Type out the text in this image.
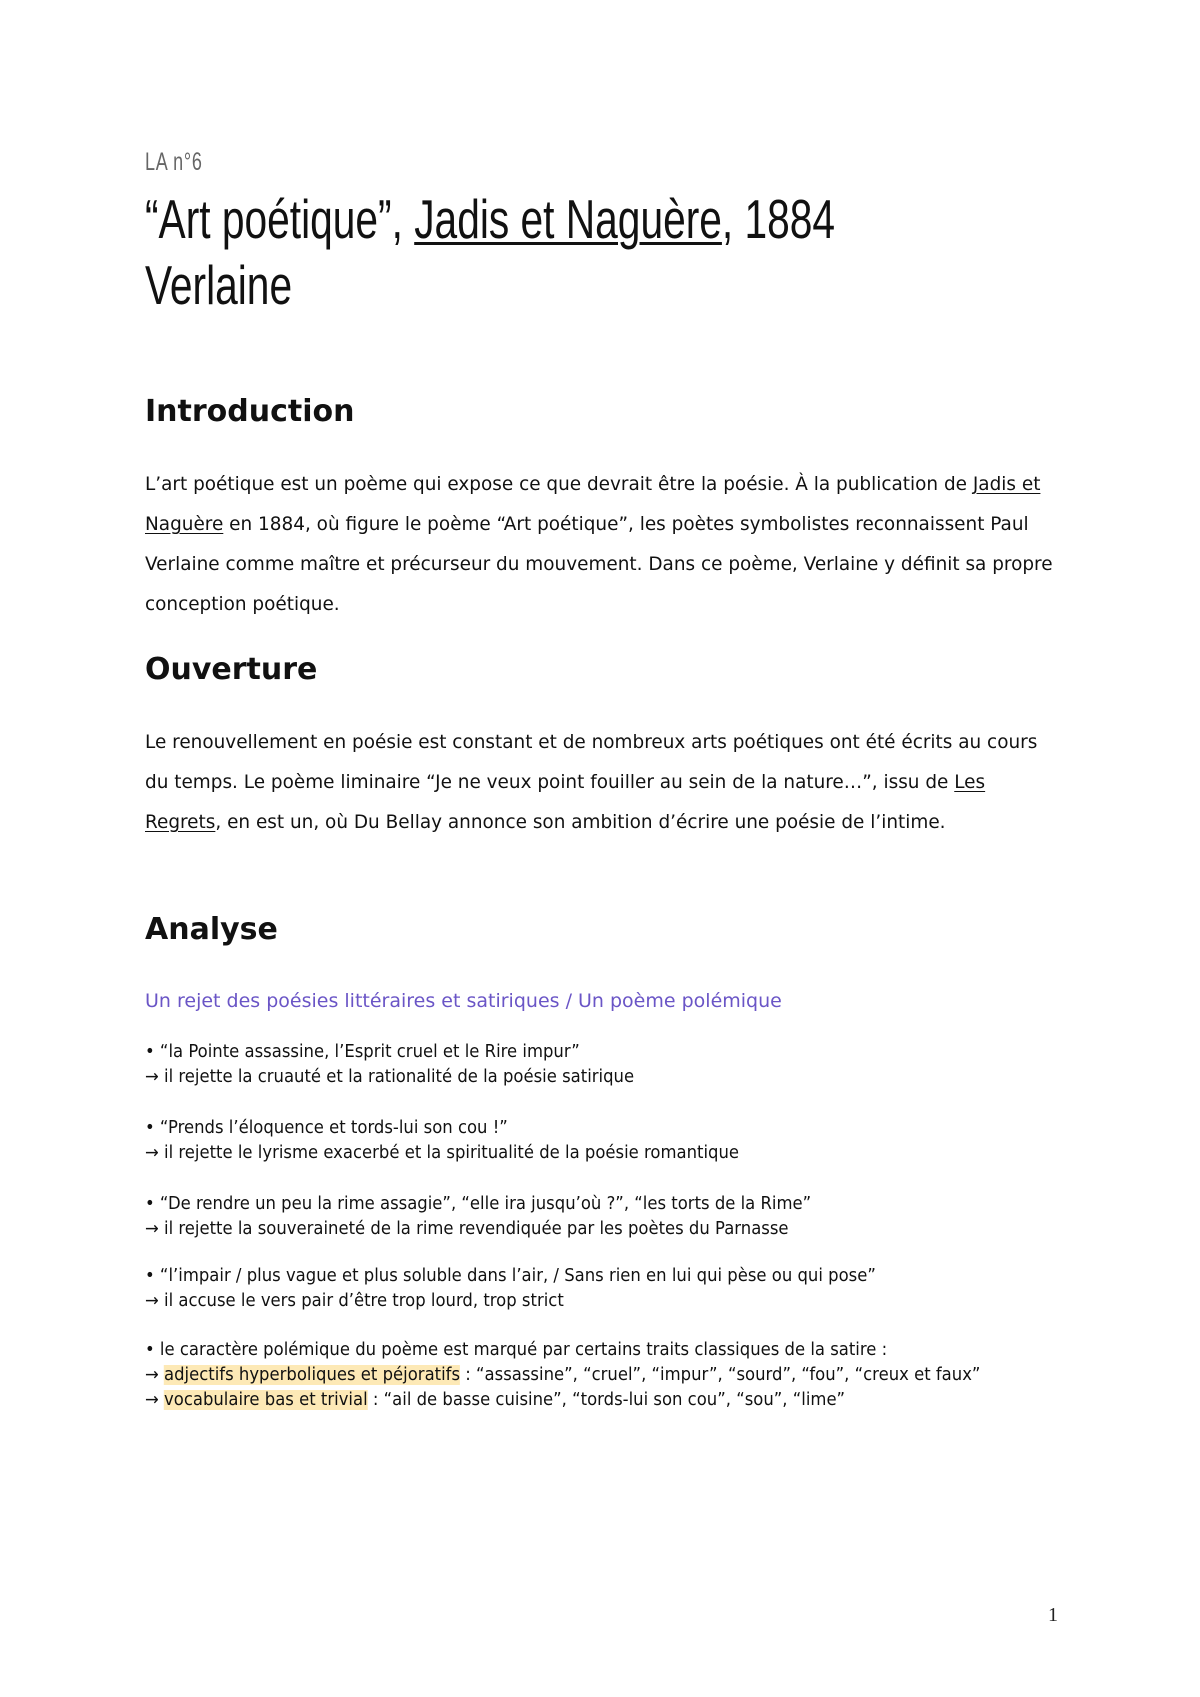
LA n°6
“Art poétique”, Jadis et Naguère, 1884
Verlaine
Introduction
L’art poétique est un poème qui expose ce que devrait être la poésie. À la publication de Jadis et Naguère en 1884, où figure le poème “Art poétique”, les poètes symbolistes reconnaissent Paul Verlaine comme maître et précurseur du mouvement. Dans ce poème, Verlaine y définit sa propre conception poétique.
Ouverture
Le renouvellement en poésie est constant et de nombreux arts poétiques ont été écrits au cours du temps. Le poème liminaire “Je ne veux point fouiller au sein de la nature…”, issu de Les Regrets, en est un, où Du Bellay annonce son ambition d’écrire une poésie de l’intime.
Analyse
Un rejet des poésies littéraires et satiriques / Un poème polémique
• “la Pointe assassine, l’Esprit cruel et le Rire impur”
→ il rejette la cruauté et la rationalité de la poésie satirique
• “Prends l’éloquence et tords-lui son cou !”
→ il rejette le lyrisme exacerbé et la spiritualité de la poésie romantique
• “De rendre un peu la rime assagie”, “elle ira jusqu’où ?”, “les torts de la Rime”
→ il rejette la souveraineté de la rime revendiquée par les poètes du Parnasse
• “l’impair / plus vague et plus soluble dans l’air, / Sans rien en lui qui pèse ou qui pose”
→ il accuse le vers pair d’être trop lourd, trop strict
• le caractère polémique du poème est marqué par certains traits classiques de la satire :
→ adjectifs hyperboliques et péjoratifs : “assassine”, “cruel”, “impur”, “sourd”, “fou”, “creux et faux”
→ vocabulaire bas et trivial : “ail de basse cuisine”, “tords-lui son cou”, “sou”, “lime”
1
